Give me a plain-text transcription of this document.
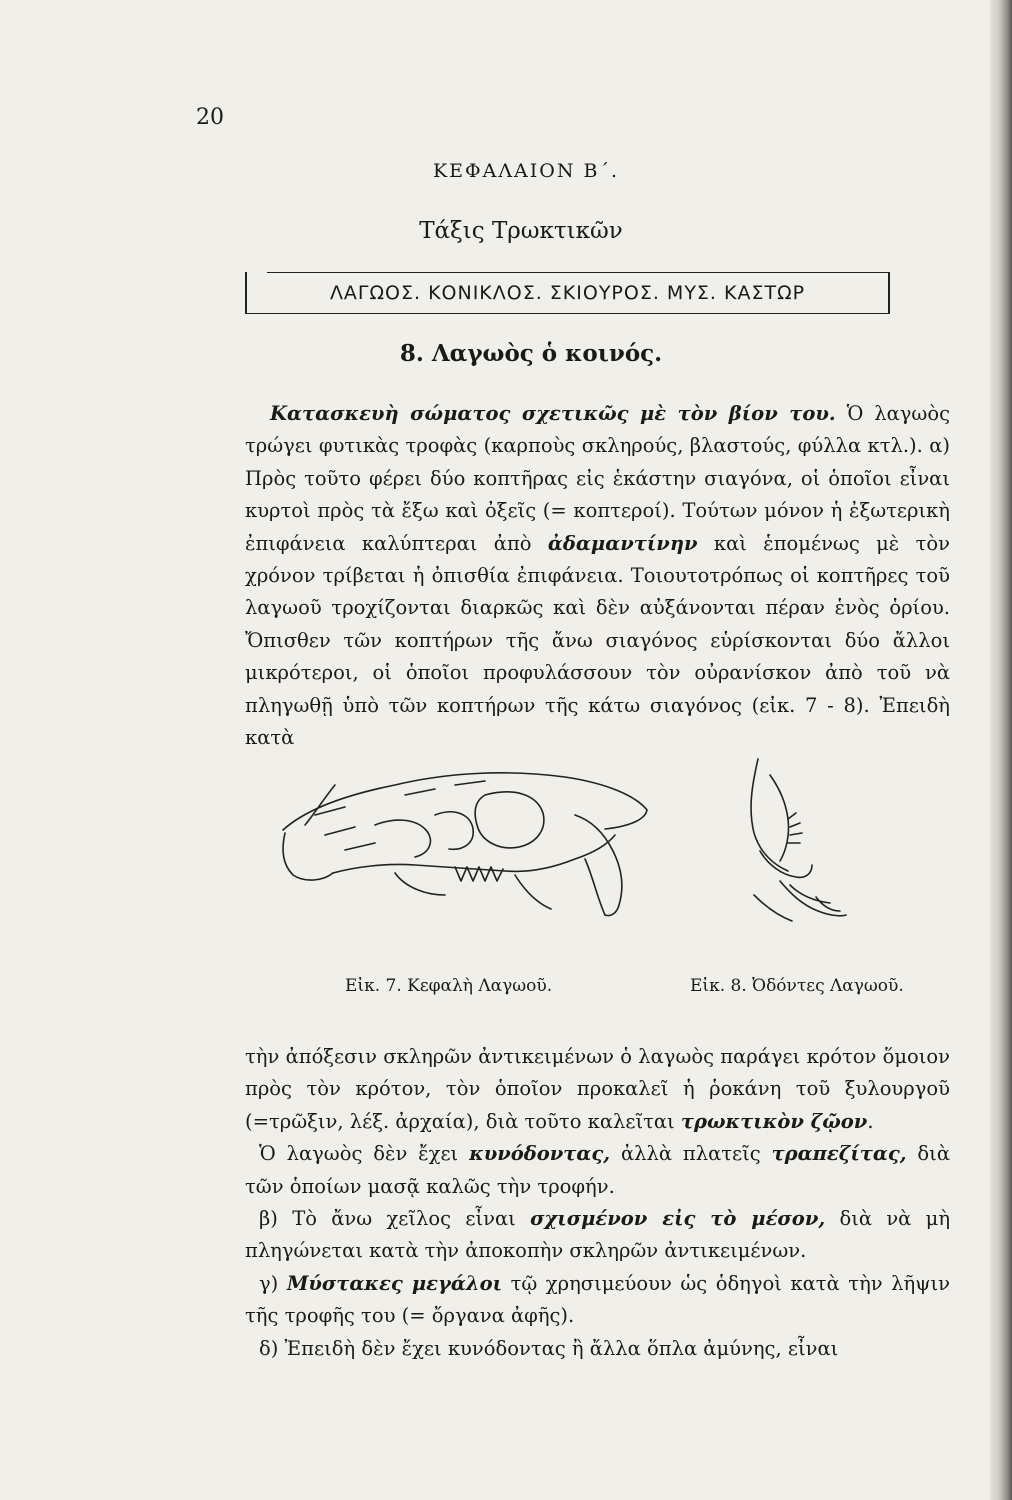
20
ΚΕΦΑΛΑΙΟΝ Β΄.
Τάξις Τρωκτικῶν
ΛΑΓΩΟΣ. ΚΟΝΙΚΛΟΣ. ΣΚΙΟΥΡΟΣ. ΜΥΣ. ΚΑΣΤΩΡ
8. Λαγωὸς ὁ κοινός.

Κατασκευὴ σώματος σχετικῶς μὲ τὸν βίον του. Ὁ λαγωὸς τρώγει φυτικὰς τροφὰς (καρποὺς σκληρούς, βλαστούς, φύλλα κτλ.). α) Πρὸς τοῦτο φέρει δύο κοπτῆρας εἰς ἑκάστην σιαγόνα, οἱ ὁποῖοι εἶναι κυρτοὶ πρὸς τὰ ἔξω καὶ ὀξεῖς (= κοπτεροί). Τούτων μόνον ἡ ἐξωτερικὴ ἐπιφάνεια καλύπτεραι ἀπὸ ἀδαμαντίνην καὶ ἑπομένως μὲ τὸν χρόνον τρίβεται ἡ ὀπισθία ἐπιφάνεια. Τοιουτοτρόπως οἱ κοπτῆρες τοῦ λαγωοῦ τροχίζονται διαρκῶς καὶ δὲν αὐξάνονται πέραν ἑνὸς ὁρίου. Ὄπισθεν τῶν κοπτήρων τῆς ἄνω σιαγόνος εὑρίσκονται δύο ἄλλοι μικρότεροι, οἱ ὁποῖοι προφυλάσσουν τὸν οὐρανίσκον ἀπὸ τοῦ νὰ πληγωθῇ ὑπὸ τῶν κοπτήρων τῆς κάτω σιαγόνος (εἰκ. 7 - 8). Ἐπειδὴ κατὰ

Εἰκ. 7. Κεφαλὴ Λαγωοῦ.	Εἰκ. 8. Ὀδόντες Λαγωοῦ.

τὴν ἀπόξεσιν σκληρῶν ἀντικειμένων ὁ λαγωὸς παράγει κρότον ὅμοιον πρὸς τὸν κρότον, τὸν ὁποῖον προκαλεῖ ἡ ῥοκάνη τοῦ ξυλουργοῦ (=τρῶξιν, λέξ. ἀρχαία), διὰ τοῦτο καλεῖται τρωκτικὸν ζῷον.

Ὁ λαγωὸς δὲν ἔχει κυνόδοντας, ἀλλὰ πλατεῖς τραπεζίτας, διὰ τῶν ὁποίων μασᾷ καλῶς τὴν τροφήν.

β) Τὸ ἄνω χεῖλος εἶναι σχισμένον εἰς τὸ μέσον, διὰ νὰ μὴ πληγώνεται κατὰ τὴν ἀποκοπὴν σκληρῶν ἀντικειμένων.

γ) Μύστακες μεγάλοι τῷ χρησιμεύουν ὡς ὁδηγοὶ κατὰ τὴν λῆψιν τῆς τροφῆς του (= ὄργανα ἀφῆς).

δ) Ἐπειδὴ δὲν ἔχει κυνόδοντας ἢ ἄλλα ὅπλα ἀμύνης, εἶναι
